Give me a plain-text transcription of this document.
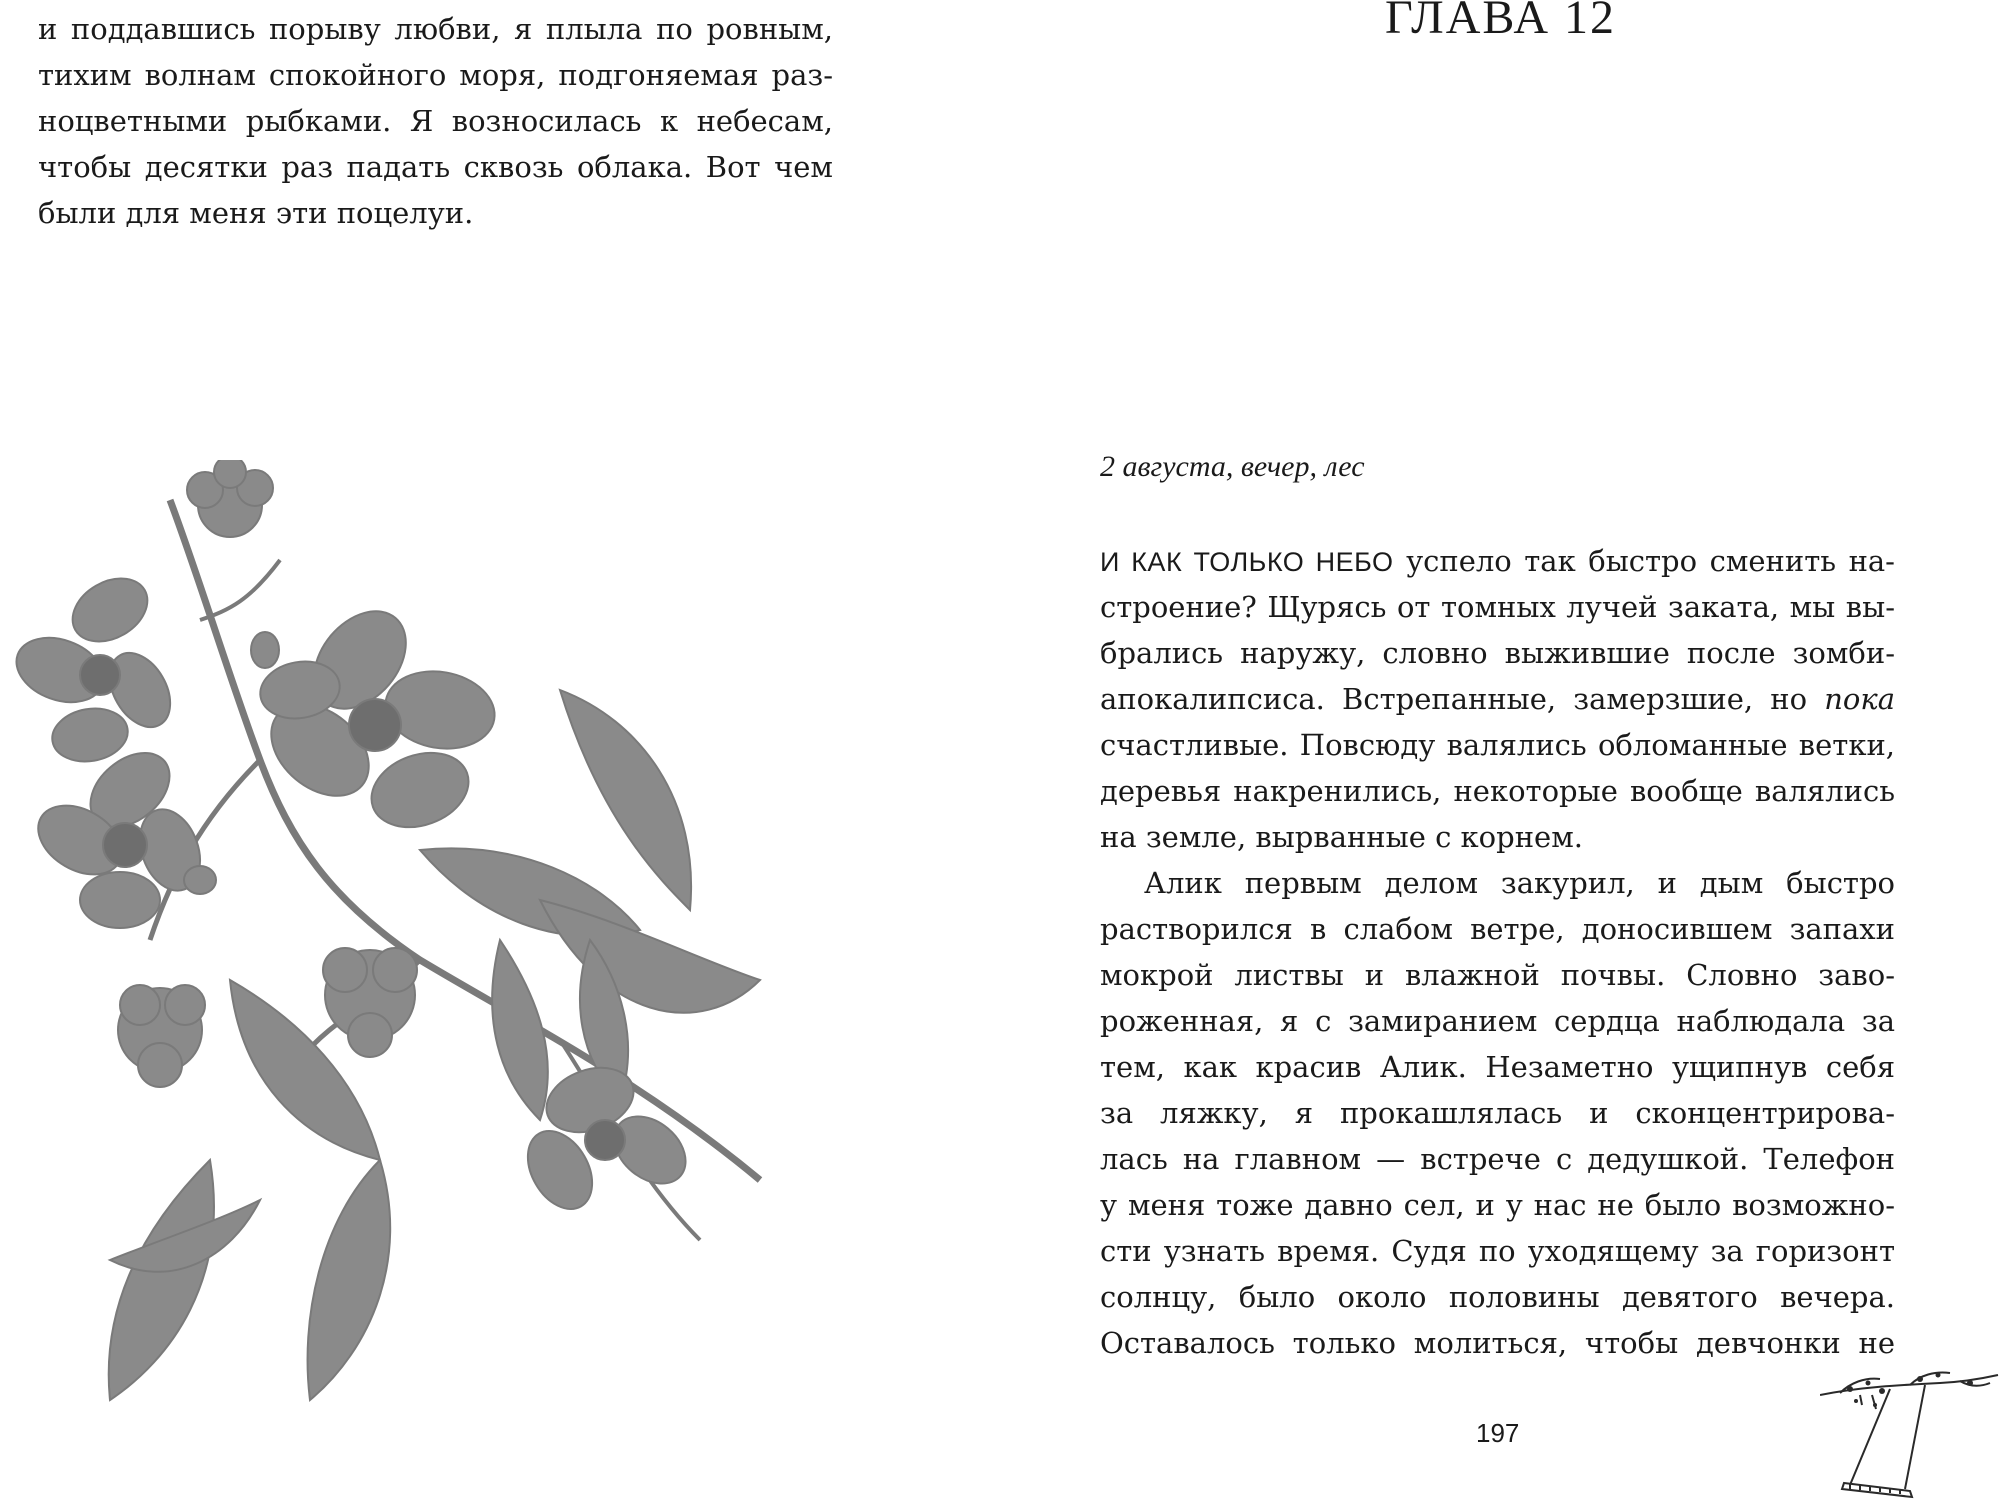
и поддавшись порыву любви, я плыла по ровным,
тихим волнам спокойного моря, подгоняемая раз-
ноцветными рыбками. Я возносилась к небесам,
чтобы десятки раз падать сквозь облака. Вот чем
были для меня эти поцелуи.
ГЛАВА 12
2 августа, вечер, лес
И КАК ТОЛЬКО НЕБО успело так быстро сменить на-
строение? Щурясь от томных лучей заката, мы вы-
брались наружу, словно выжившие после зомби-
апокалипсиса. Встрепанные, замерзшие, но пока
счастливые. Повсюду валялись обломанные ветки,
деревья накренились, некоторые вообще валялись
на земле, вырванные с корнем.
Алик первым делом закурил, и дым быстро
растворился в слабом ветре, доносившем запахи
мокрой листвы и влажной почвы. Словно заво-
роженная, я с замиранием сердца наблюдала за
тем, как красив Алик. Незаметно ущипнув себя
за ляжку, я прокашлялась и сконцентрирова-
лась на главном — встрече с дедушкой. Телефон
у меня тоже давно сел, и у нас не было возможно-
сти узнать время. Судя по уходящему за горизонт
солнцу, было около половины девятого вечера.
Оставалось только молиться, чтобы девчонки не
197
